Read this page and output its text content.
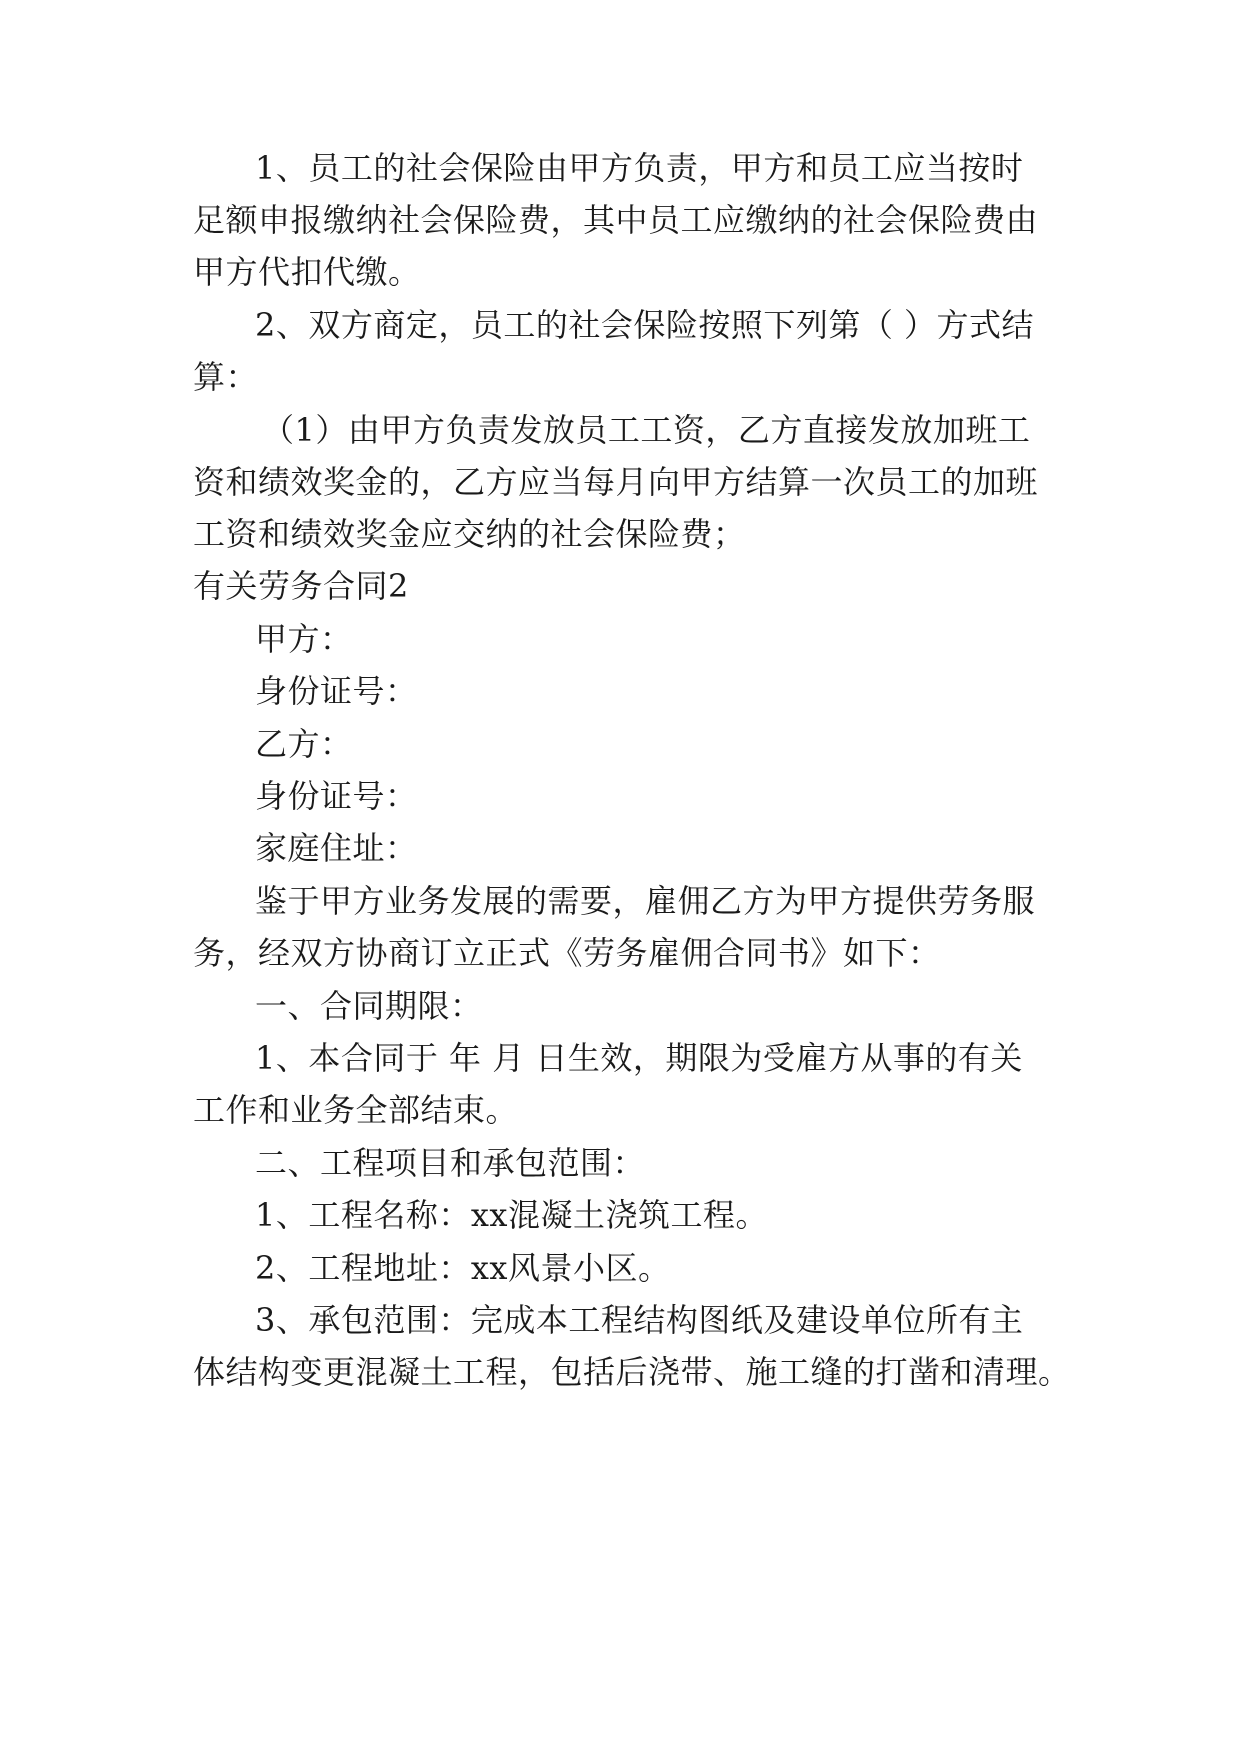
1、员工的社会保险由甲方负责，甲方和员工应当按时
足额申报缴纳社会保险费，其中员工应缴纳的社会保险费由
甲方代扣代缴。
2、双方商定，员工的社会保险按照下列第（ ）方式结
算：
（1）由甲方负责发放员工工资，乙方直接发放加班工
资和绩效奖金的，乙方应当每月向甲方结算一次员工的加班
工资和绩效奖金应交纳的社会保险费；
有关劳务合同2
甲方：
身份证号：
乙方：
身份证号：
家庭住址：
鉴于甲方业务发展的需要，雇佣乙方为甲方提供劳务服
务，经双方协商订立正式《劳务雇佣合同书》如下：
一、合同期限：
1、本合同于 年 月 日生效，期限为受雇方从事的有关
工作和业务全部结束。
二、工程项目和承包范围：
1、工程名称：xx混凝土浇筑工程。
2、工程地址：xx风景小区。
3、承包范围：完成本工程结构图纸及建设单位所有主
体结构变更混凝土工程，包括后浇带、施工缝的打凿和清理。
